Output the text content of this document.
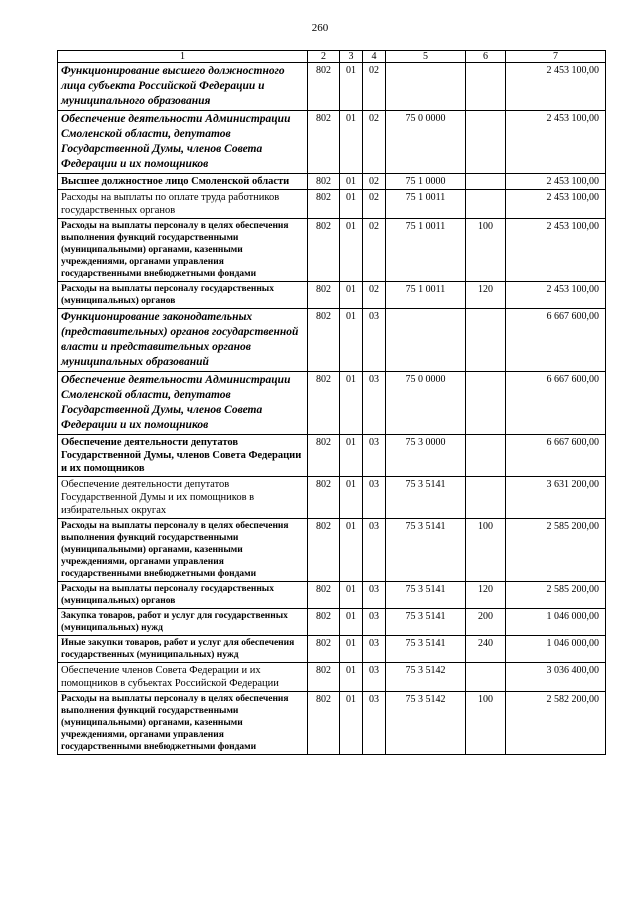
260
1	2	3	4	5	6	7
Функционирование высшего должностного лица субъекта Российской Федерации и муниципального образования	802	01	02			2 453 100,00
Обеспечение деятельности Администрации Смоленской области, депутатов Государственной Думы, членов Совета Федерации и их помощников	802	01	02	75 0 0000		2 453 100,00
Высшее должностное лицо Смоленской области	802	01	02	75 1 0000		2 453 100,00
Расходы на выплаты по оплате труда работников государственных органов	802	01	02	75 1 0011		2 453 100,00
Расходы на выплаты персоналу в целях обеспечения выполнения функций государственными (муниципальными) органами, казенными учреждениями, органами управления государственными внебюджетными фондами	802	01	02	75 1 0011	100	2 453 100,00
Расходы на выплаты персоналу государственных (муниципальных) органов	802	01	02	75 1 0011	120	2 453 100,00
Функционирование законодательных (представительных) органов государственной власти и представительных органов муниципальных образований	802	01	03			6 667 600,00
Обеспечение деятельности Администрации Смоленской области, депутатов Государственной Думы, членов Совета Федерации и их помощников	802	01	03	75 0 0000		6 667 600,00
Обеспечение деятельности депутатов Государственной Думы, членов Совета Федерации и их помощников	802	01	03	75 3 0000		6 667 600,00
Обеспечение деятельности депутатов Государственной Думы и их помощников в избирательных округах	802	01	03	75 3 5141		3 631 200,00
Расходы на выплаты персоналу в целях обеспечения выполнения функций государственными (муниципальными) органами, казенными учреждениями, органами управления государственными внебюджетными фондами	802	01	03	75 3 5141	100	2 585 200,00
Расходы на выплаты персоналу государственных (муниципальных) органов	802	01	03	75 3 5141	120	2 585 200,00
Закупка товаров, работ и услуг для государственных (муниципальных) нужд	802	01	03	75 3 5141	200	1 046 000,00
Иные закупки товаров, работ и услуг для обеспечения государственных (муниципальных) нужд	802	01	03	75 3 5141	240	1 046 000,00
Обеспечение членов Совета Федерации и их помощников в субъектах Российской Федерации	802	01	03	75 3 5142		3 036 400,00
Расходы на выплаты персоналу в целях обеспечения выполнения функций государственными (муниципальными) органами, казенными учреждениями, органами управления государственными внебюджетными фондами	802	01	03	75 3 5142	100	2 582 200,00
